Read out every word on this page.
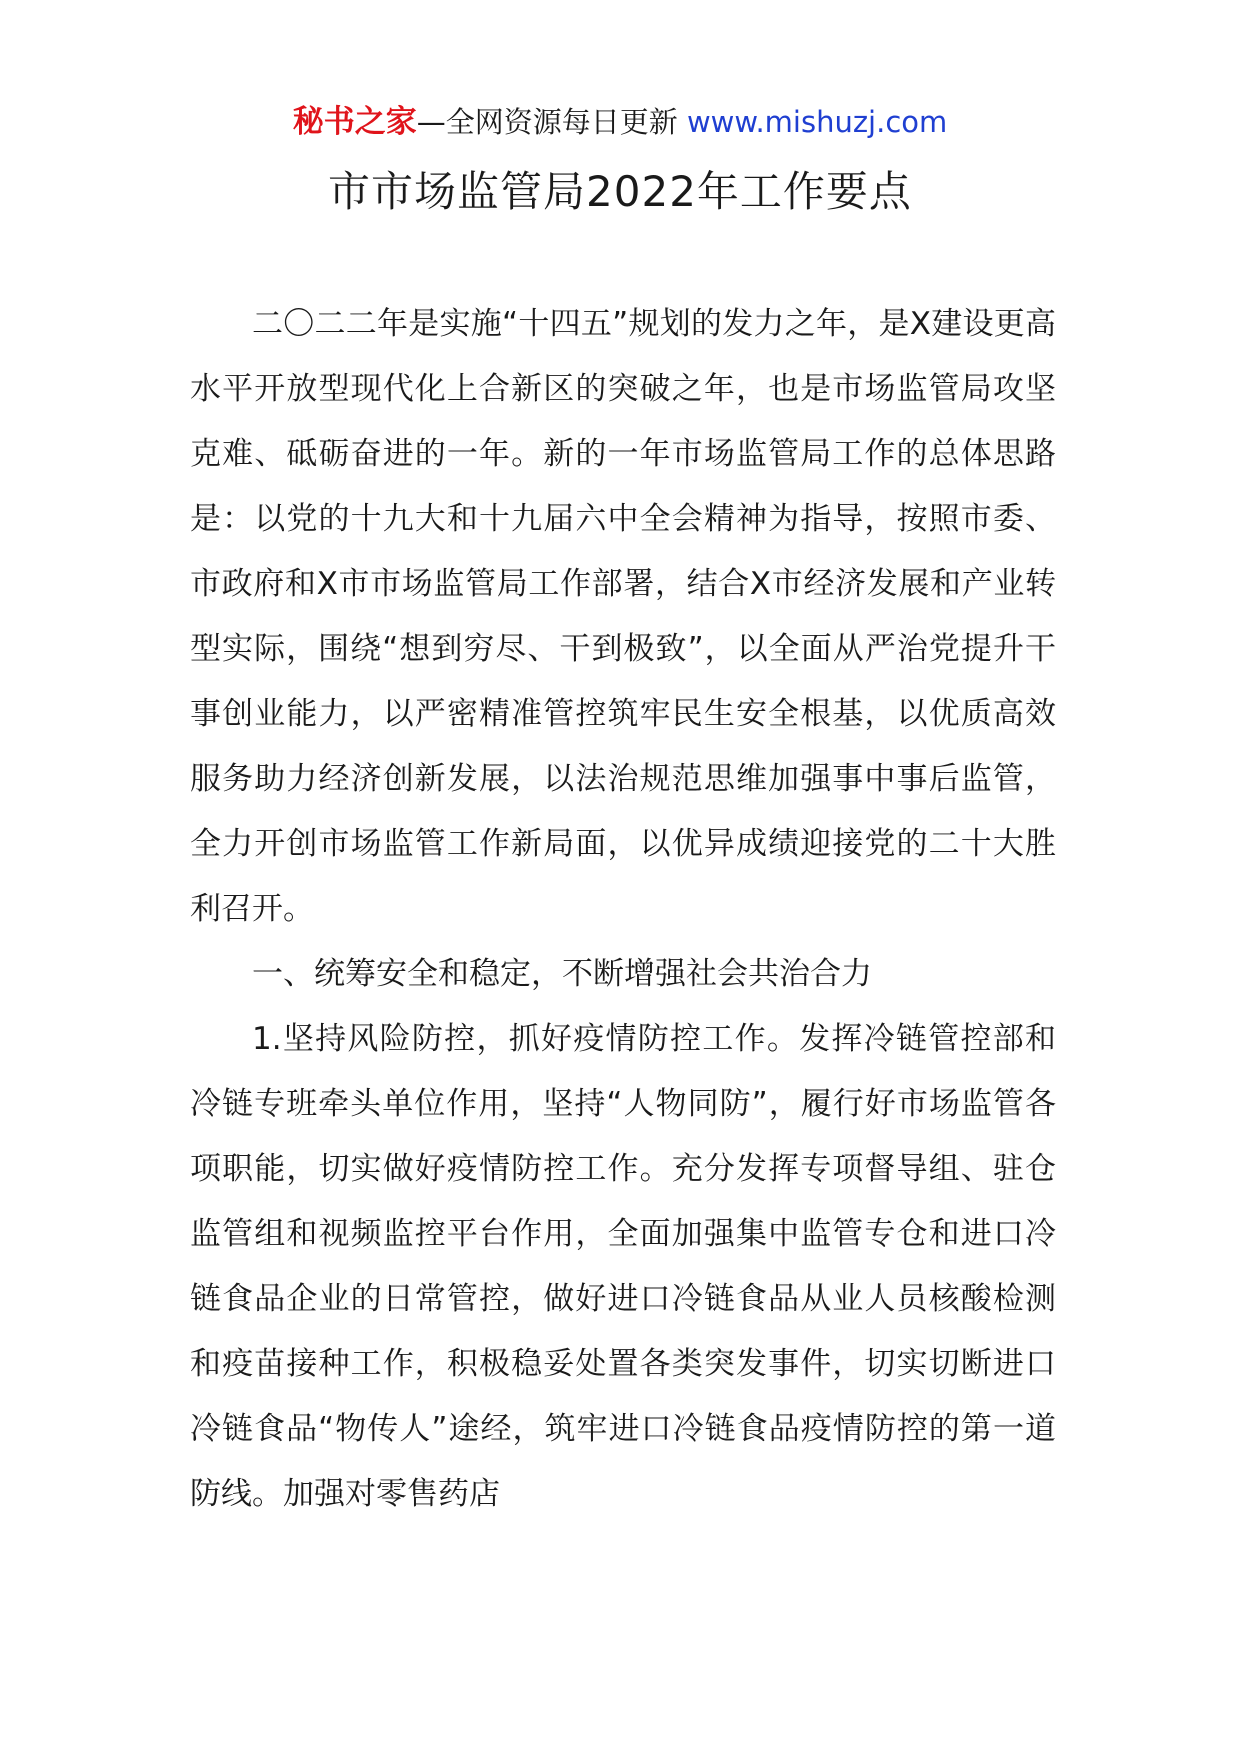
秘书之家—全网资源每日更新 www.mishuzj.com
市市场监管局2022年工作要点

二〇二二年是实施“十四五”规划的发力之年，是X建设更高水平开放型现代化上合新区的突破之年，也是市场监管局攻坚克难、砥砺奋进的一年。新的一年市场监管局工作的总体思路是：以党的十九大和十九届六中全会精神为指导，按照市委、市政府和X市市场监管局工作部署，结合X市经济发展和产业转型实际，围绕“想到穷尽、干到极致”，以全面从严治党提升干事创业能力，以严密精准管控筑牢民生安全根基，以优质高效服务助力经济创新发展，以法治规范思维加强事中事后监管，全力开创市场监管工作新局面，以优异成绩迎接党的二十大胜利召开。

一、统筹安全和稳定，不断增强社会共治合力

1.坚持风险防控，抓好疫情防控工作。发挥冷链管控部和冷链专班牵头单位作用，坚持“人物同防”，履行好市场监管各项职能，切实做好疫情防控工作。充分发挥专项督导组、驻仓监管组和视频监控平台作用，全面加强集中监管专仓和进口冷链食品企业的日常管控，做好进口冷链食品从业人员核酸检测和疫苗接种工作，积极稳妥处置各类突发事件，切实切断进口冷链食品“物传人”途经，筑牢进口冷链食品疫情防控的第一道防线。加强对零售药店
